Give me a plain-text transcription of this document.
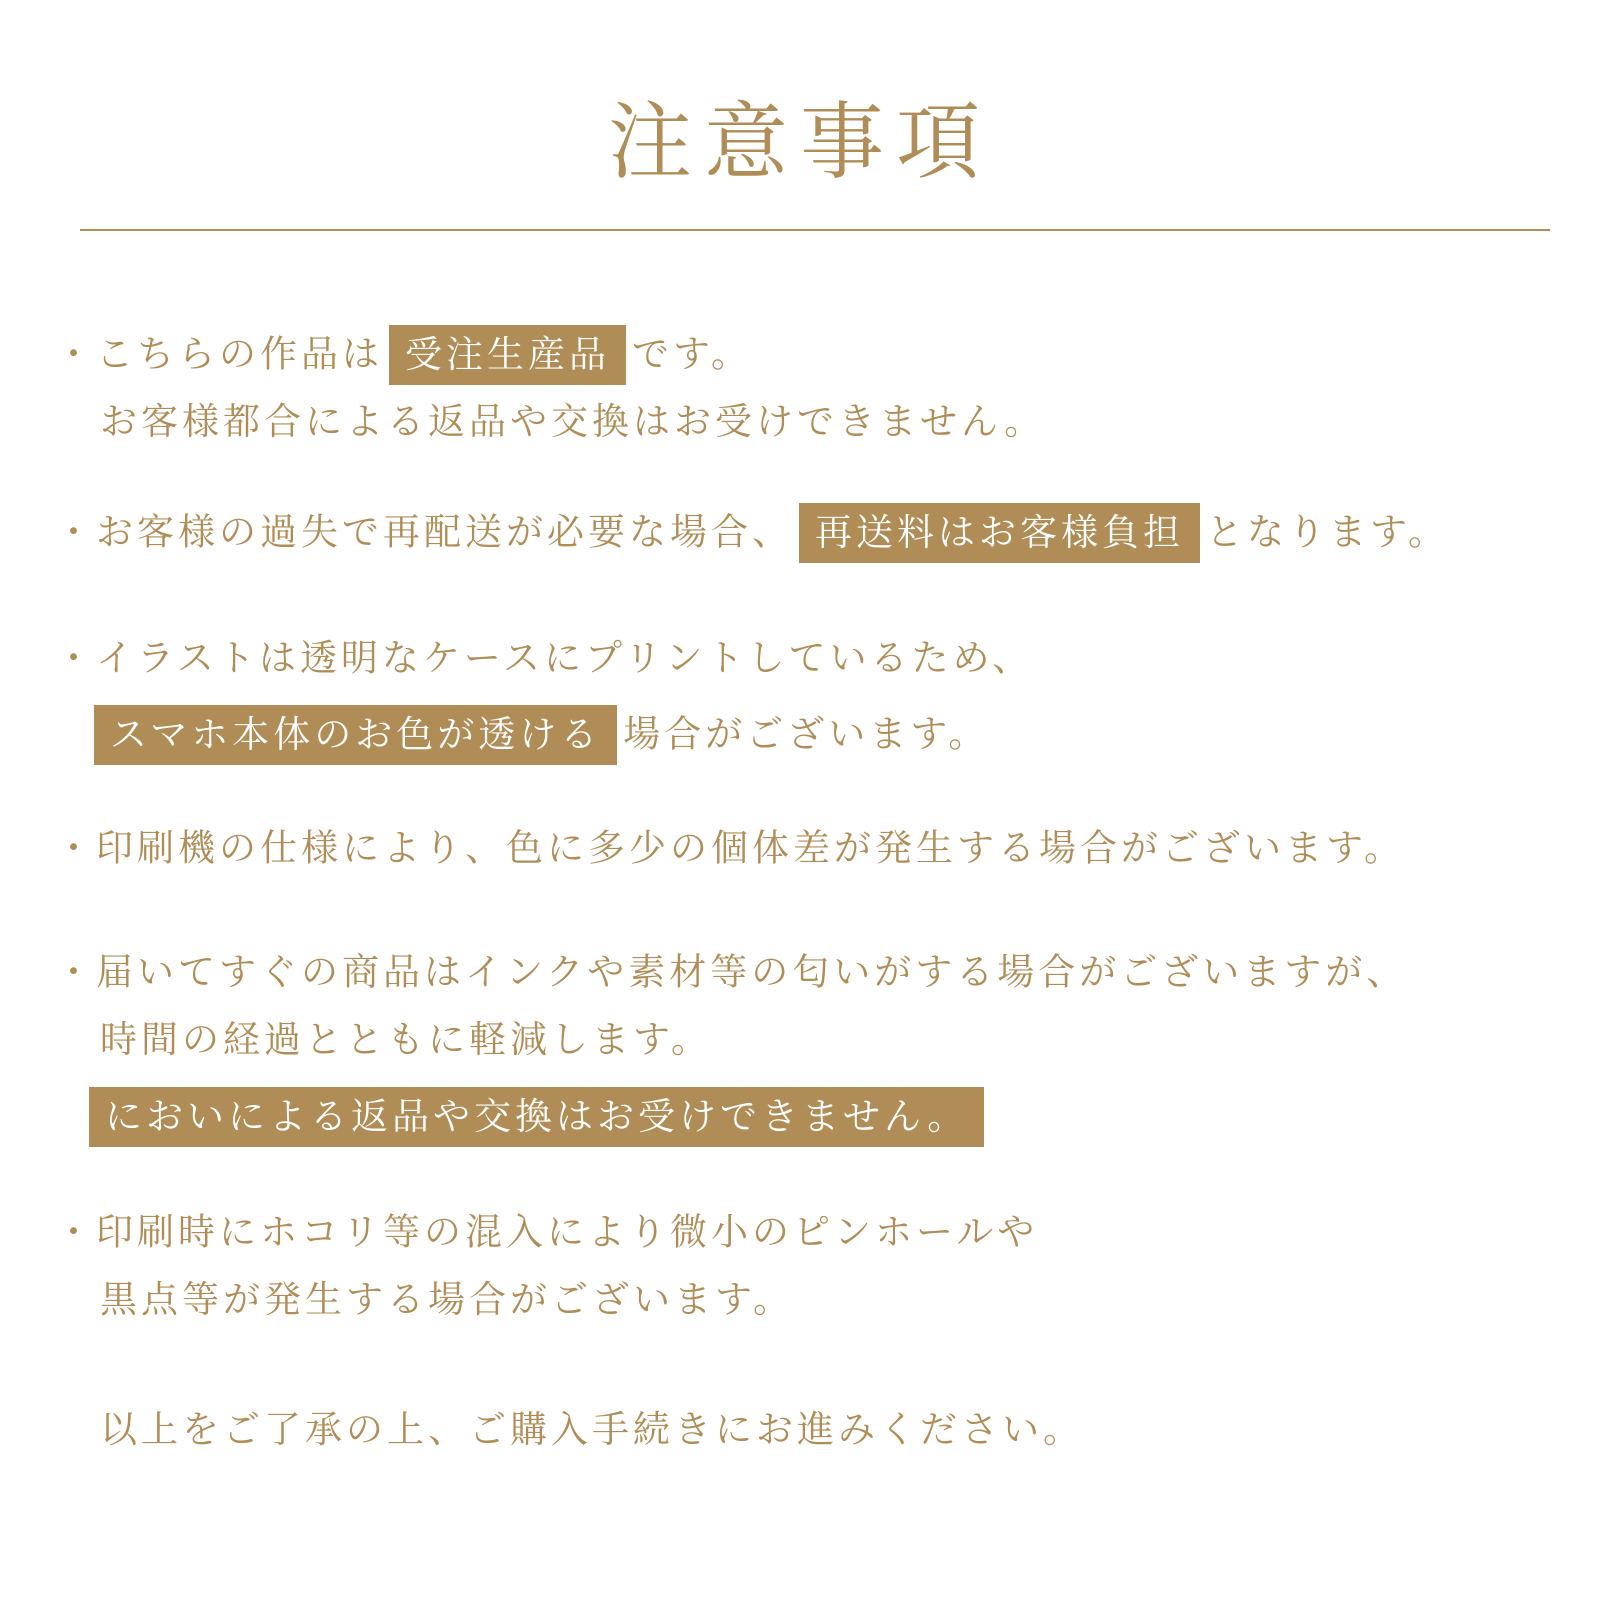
注意事項
・こちらの作品は 受注生産品 です。
お客様都合による返品や交換はお受けできません。
・お客様の過失で再配送が必要な場合、 再送料はお客様負担 となります。
・イラストは透明なケースにプリントしているため、
スマホ本体のお色が透ける 場合がございます。
・印刷機の仕様により、色に多少の個体差が発生する場合がございます。
・届いてすぐの商品はインクや素材等の匂いがする場合がございますが、
時間の経過とともに軽減します。
においによる返品や交換はお受けできません。
・印刷時にホコリ等の混入により微小のピンホールや
黒点等が発生する場合がございます。
以上をご了承の上、ご購入手続きにお進みください。
